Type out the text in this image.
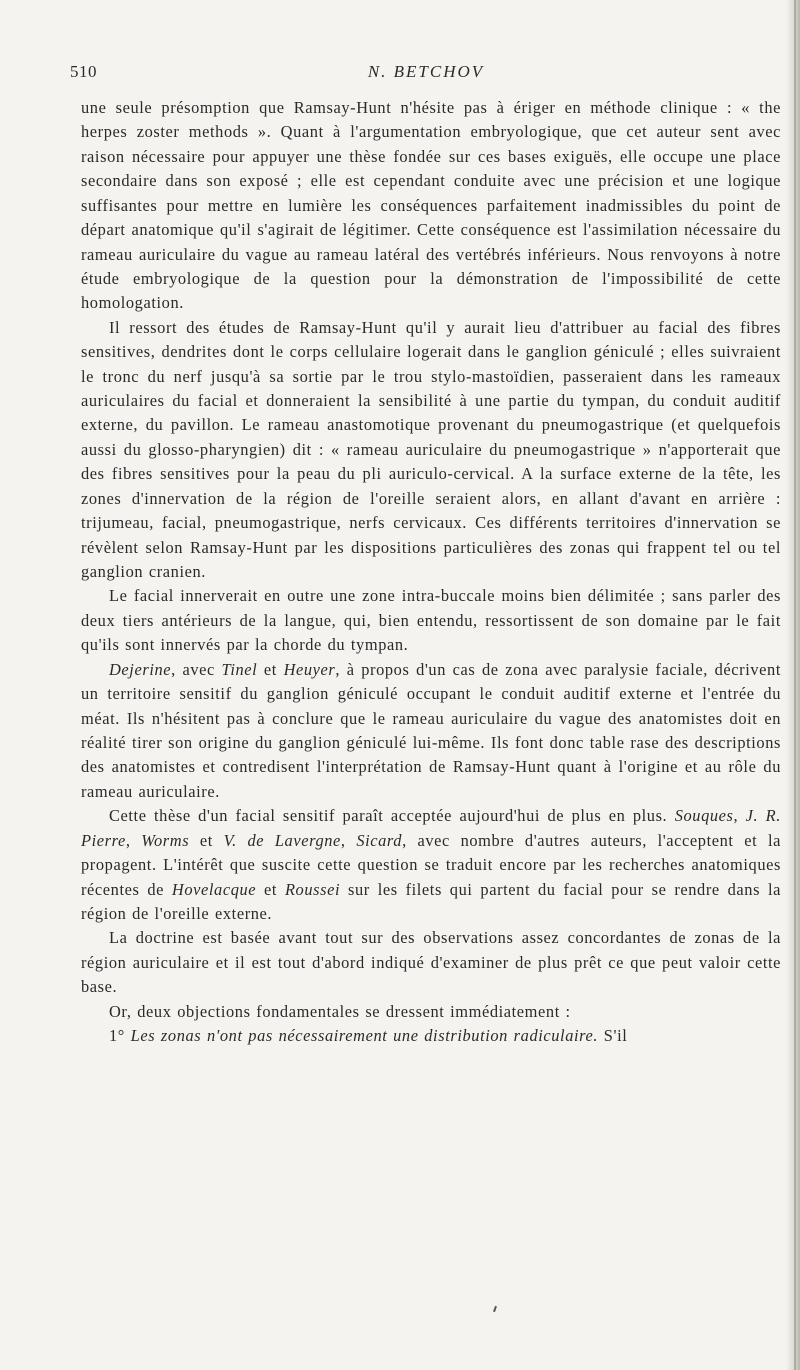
510	N. BETCHOV

une seule présomption que Ramsay-Hunt n'hésite pas à ériger en méthode clinique : « the herpes zoster methods ». Quant à l'argumentation embryologique, que cet auteur sent avec raison nécessaire pour appuyer une thèse fondée sur ces bases exiguës, elle occupe une place secondaire dans son exposé ; elle est cependant conduite avec une précision et une logique suffisantes pour mettre en lumière les conséquences parfaitement inadmissibles du point de départ anatomique qu'il s'agirait de légitimer. Cette conséquence est l'assimilation nécessaire du rameau auriculaire du vague au rameau latéral des vertébrés inférieurs. Nous renvoyons à notre étude embryologique de la question pour la démonstration de l'impossibilité de cette homologation.

Il ressort des études de Ramsay-Hunt qu'il y aurait lieu d'attribuer au facial des fibres sensitives, dendrites dont le corps cellulaire logerait dans le ganglion géniculé ; elles suivraient le tronc du nerf jusqu'à sa sortie par le trou stylo-mastoïdien, passeraient dans les rameaux auriculaires du facial et donneraient la sensibilité à une partie du tympan, du conduit auditif externe, du pavillon. Le rameau anastomotique provenant du pneumogastrique (et quelquefois aussi du glosso-pharyngien) dit : « rameau auriculaire du pneumogastrique » n'apporterait que des fibres sensitives pour la peau du pli auriculo-cervical. A la surface externe de la tête, les zones d'innervation de la région de l'oreille seraient alors, en allant d'avant en arrière : trijumeau, facial, pneumogastrique, nerfs cervicaux. Ces différents territoires d'innervation se révèlent selon Ramsay-Hunt par les dispositions particulières des zonas qui frappent tel ou tel ganglion cranien.

Le facial innerverait en outre une zone intra-buccale moins bien délimitée ; sans parler des deux tiers antérieurs de la langue, qui, bien entendu, ressortissent de son domaine par le fait qu'ils sont innervés par la chorde du tympan.

Dejerine, avec Tinel et Heuyer, à propos d'un cas de zona avec paralysie faciale, décrivent un territoire sensitif du ganglion géniculé occupant le conduit auditif externe et l'entrée du méat. Ils n'hésitent pas à conclure que le rameau auriculaire du vague des anatomistes doit en réalité tirer son origine du ganglion géniculé lui-même. Ils font donc table rase des descriptions des anatomistes et contredisent l'interprétation de Ramsay-Hunt quant à l'origine et au rôle du rameau auriculaire.

Cette thèse d'un facial sensitif paraît acceptée aujourd'hui de plus en plus. Souques, J. R. Pierre, Worms et V. de Lavergne, Sicard, avec nombre d'autres auteurs, l'acceptent et la propagent. L'intérêt que suscite cette question se traduit encore par les recherches anatomiques récentes de Hovelacque et Roussei sur les filets qui partent du facial pour se rendre dans la région de l'oreille externe.

La doctrine est basée avant tout sur des observations assez concordantes de zonas de la région auriculaire et il est tout d'abord indiqué d'examiner de plus prêt ce que peut valoir cette base.

Or, deux objections fondamentales se dressent immédiatement :

1° Les zonas n'ont pas nécessairement une distribution radiculaire. S'il
